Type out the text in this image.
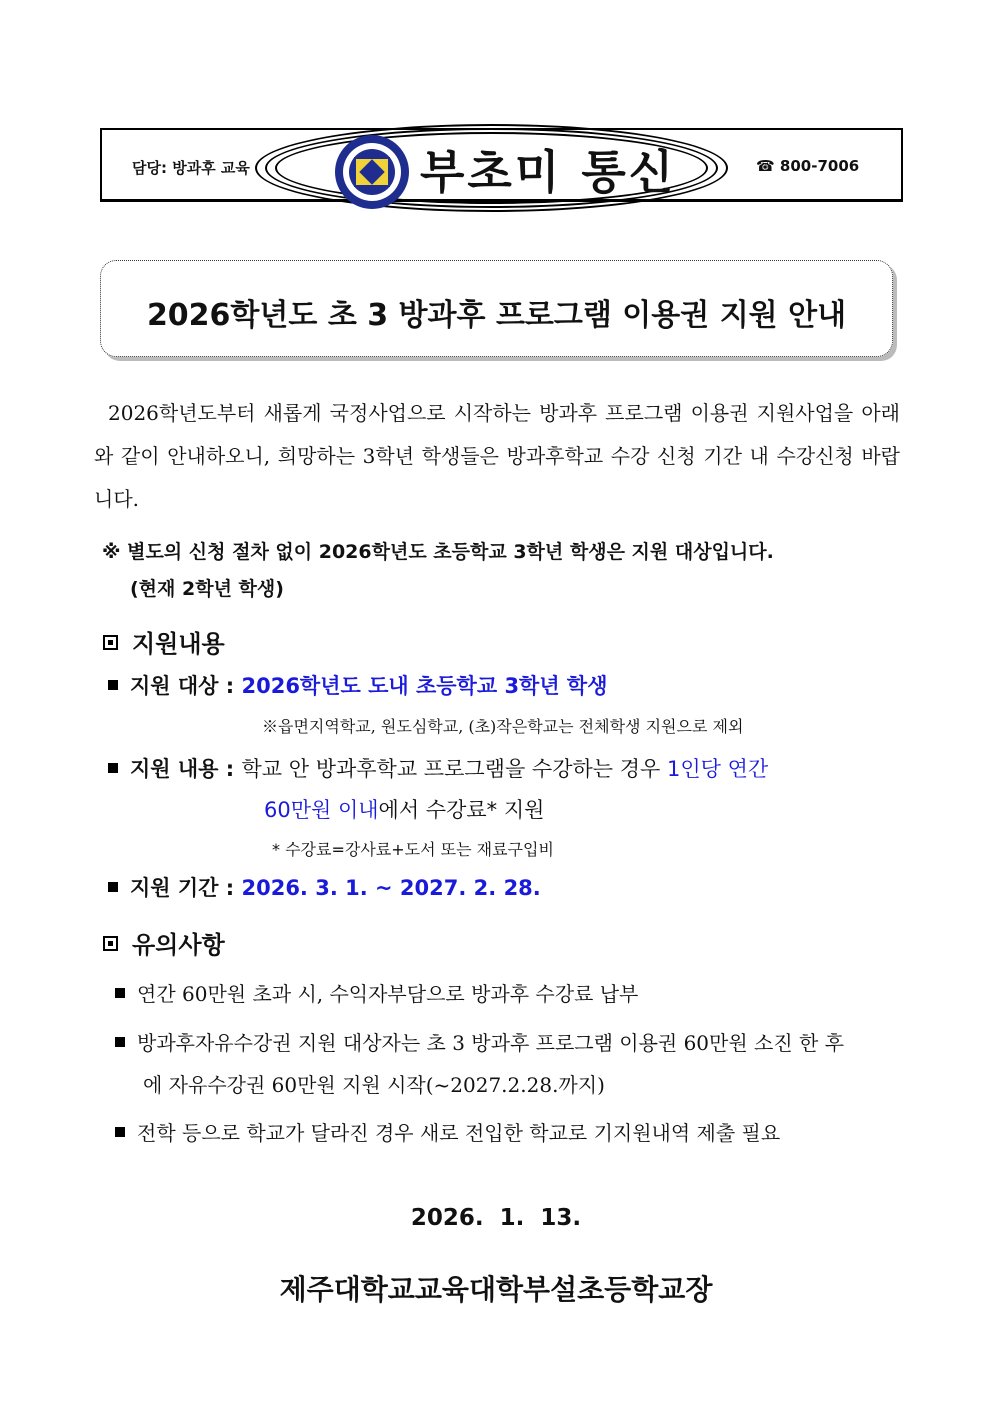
담당: 방과후 교육	부초미 통신	☎ 800-7006
2026학년도 초 3 방과후 프로그램 이용권 지원 안내
2026학년도부터 새롭게 국정사업으로 시작하는 방과후 프로그램 이용권 지원사업을 아래와 같이 안내하오니, 희망하는 3학년 학생들은 방과후학교 수강 신청 기간 내 수강신청 바랍니다.
※ 별도의 신청 절차 없이 2026학년도 초등학교 3학년 학생은 지원 대상입니다.
(현재 2학년 학생)
지원내용
지원 대상 : 2026학년도 도내 초등학교 3학년 학생
※읍면지역학교, 원도심학교, (초)작은학교는 전체학생 지원으로 제외
지원 내용 : 학교 안 방과후학교 프로그램을 수강하는 경우 1인당 연간
60만원 이내에서 수강료* 지원
* 수강료=강사료+도서 또는 재료구입비
지원 기간 : 2026. 3. 1. ~ 2027. 2. 28.
유의사항
연간 60만원 초과 시, 수익자부담으로 방과후 수강료 납부
방과후자유수강권 지원 대상자는 초 3 방과후 프로그램 이용권 60만원 소진 한 후
에 자유수강권 60만원 지원 시작(~2027.2.28.까지)
전학 등으로 학교가 달라진 경우 새로 전입한 학교로 기지원내역 제출 필요
2026.  1.  13.
제주대학교교육대학부설초등학교장
